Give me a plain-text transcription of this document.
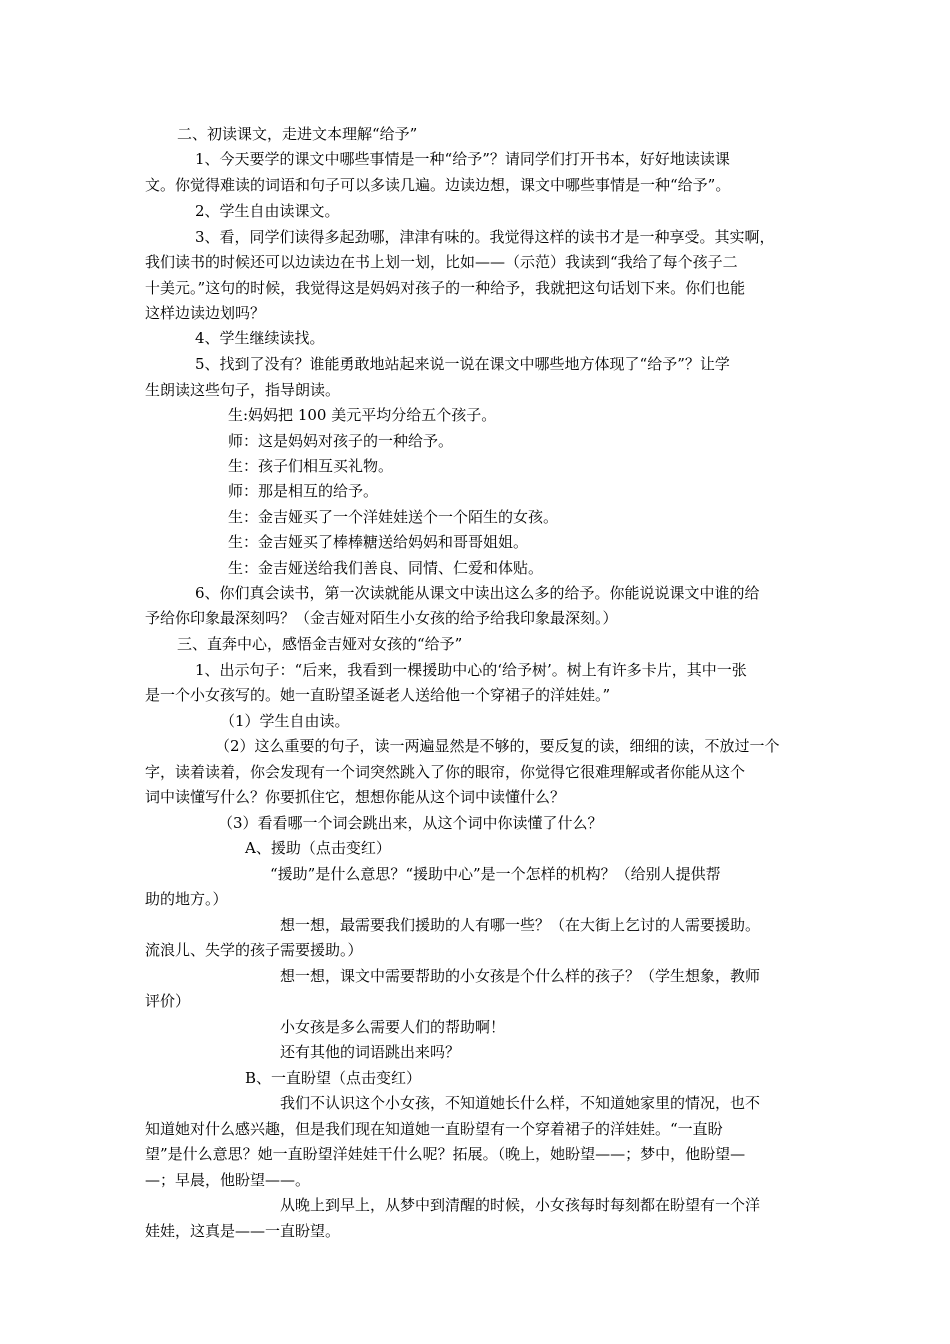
二、初读课文，走进文本理解“给予”
1、今天要学的课文中哪些事情是一种“给予”？请同学们打开书本，好好地读读课
文。你觉得难读的词语和句子可以多读几遍。边读边想，课文中哪些事情是一种“给予”。
2、学生自由读课文。
3、看，同学们读得多起劲哪，津津有味的。我觉得这样的读书才是一种享受。其实啊，
我们读书的时候还可以边读边在书上划一划，比如——（示范）我读到“我给了每个孩子二
十美元。”这句的时候，我觉得这是妈妈对孩子的一种给予，我就把这句话划下来。你们也能
这样边读边划吗？
4、学生继续读找。
5、找到了没有？谁能勇敢地站起来说一说在课文中哪些地方体现了“给予”？让学
生朗读这些句子，指导朗读。
生:妈妈把 100 美元平均分给五个孩子。
师：这是妈妈对孩子的一种给予。
生：孩子们相互买礼物。
师：那是相互的给予。
生：金吉娅买了一个洋娃娃送个一个陌生的女孩。
生：金吉娅买了棒棒糖送给妈妈和哥哥姐姐。
生：金吉娅送给我们善良、同情、仁爱和体贴。
6、你们真会读书，第一次读就能从课文中读出这么多的给予。你能说说课文中谁的给
予给你印象最深刻吗？（金吉娅对陌生小女孩的给予给我印象最深刻。）
三、直奔中心，感悟金吉娅对女孩的“给予”
1、出示句子：“后来，我看到一棵援助中心的‘给予树’。树上有许多卡片，其中一张
是一个小女孩写的。她一直盼望圣诞老人送给他一个穿裙子的洋娃娃。”
（1）学生自由读。
（2）这么重要的句子，读一两遍显然是不够的，要反复的读，细细的读，不放过一个
字，读着读着，你会发现有一个词突然跳入了你的眼帘，你觉得它很难理解或者你能从这个
词中读懂写什么？你要抓住它，想想你能从这个词中读懂什么？
（3）看看哪一个词会跳出来，从这个词中你读懂了什么？
A、援助（点击变红）
“援助”是什么意思？“援助中心”是一个怎样的机构？（给别人提供帮
助的地方。）
想一想，最需要我们援助的人有哪一些？（在大街上乞讨的人需要援助。
流浪儿、失学的孩子需要援助。）
想一想，课文中需要帮助的小女孩是个什么样的孩子？（学生想象，教师
评价）
小女孩是多么需要人们的帮助啊！
还有其他的词语跳出来吗？
B、一直盼望（点击变红）
我们不认识这个小女孩，不知道她长什么样，不知道她家里的情况，也不
知道她对什么感兴趣，但是我们现在知道她一直盼望有一个穿着裙子的洋娃娃。“一直盼
望”是什么意思？她一直盼望洋娃娃干什么呢？拓展。（晚上，她盼望——；梦中，他盼望—
—；早晨，他盼望——。
从晚上到早上，从梦中到清醒的时候，小女孩每时每刻都在盼望有一个洋
娃娃，这真是——一直盼望。
